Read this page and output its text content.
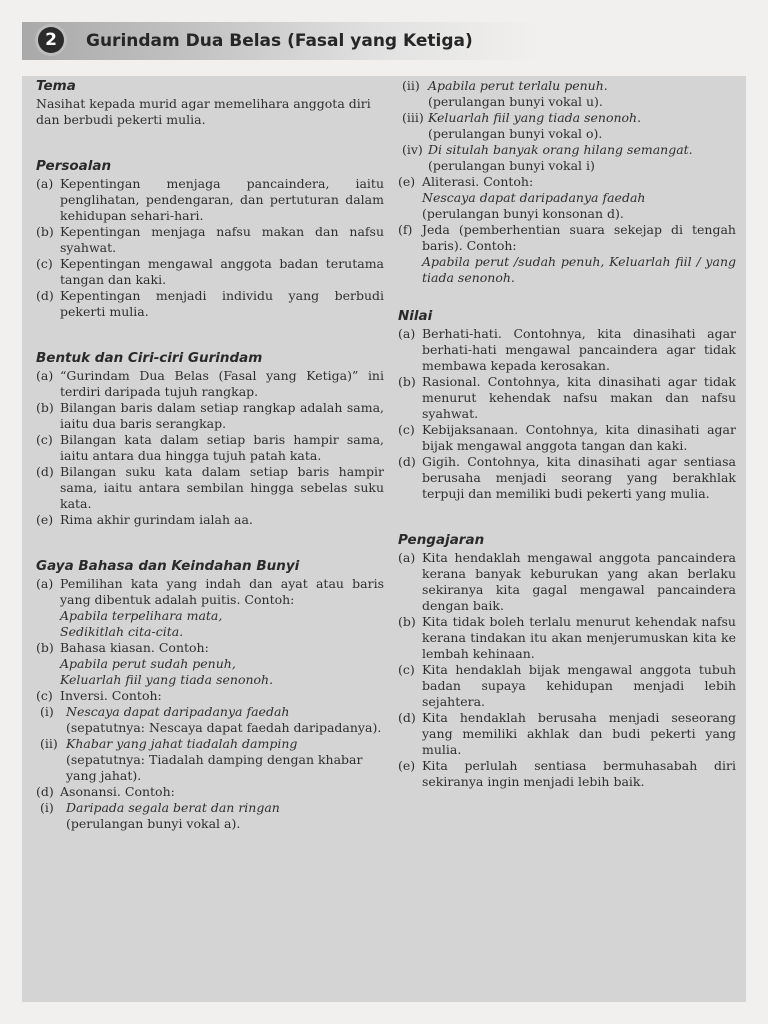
2	Gurindam Dua Belas (Fasal yang Ketiga)
Tema

Nasihat kepada murid agar memelihara anggota diri dan berbudi pekerti mulia.

Persoalan
(a) Kepentingan menjaga pancaindera, iaitu penglihatan, pendengaran, dan pertuturan dalam kehidupan sehari-hari.
(b) Kepentingan menjaga nafsu makan dan nafsu syahwat.
(c) Kepentingan mengawal anggota badan terutama tangan dan kaki.
(d) Kepentingan menjadi individu yang berbudi pekerti mulia.
Bentuk dan Ciri-ciri Gurindam
(a) “Gurindam Dua Belas (Fasal yang Ketiga)” ini terdiri daripada tujuh rangkap.
(b) Bilangan baris dalam setiap rangkap adalah sama, iaitu dua baris serangkap.
(c) Bilangan kata dalam setiap baris hampir sama, iaitu antara dua hingga tujuh patah kata.
(d) Bilangan suku kata dalam setiap baris hampir sama, iaitu antara sembilan hingga sebelas suku kata.
(e) Rima akhir gurindam ialah aa.
Gaya Bahasa dan Keindahan Bunyi
(a) Pemilihan kata yang indah dan ayat atau baris yang dibentuk adalah puitis. Contoh:
Apabila terpelihara mata,
Sedikitlah cita-cita.
(b) Bahasa kiasan. Contoh:
Apabila perut sudah penuh,
Keluarlah fiil yang tiada senonoh.
(c) Inversi. Contoh:
(i) Nescaya dapat daripadanya faedah
(sepatutnya: Nescaya dapat faedah daripadanya).
(ii) Khabar yang jahat tiadalah damping
(sepatutnya: Tiadalah damping dengan khabar yang jahat).
(d) Asonansi. Contoh:
(i) Daripada segala berat dan ringan
(perulangan bunyi vokal a).
(ii) Apabila perut terlalu penuh.
(perulangan bunyi vokal u).
(iii) Keluarlah fiil yang tiada senonoh.
(perulangan bunyi vokal o).
(iv) Di situlah banyak orang hilang semangat.
(perulangan bunyi vokal i)
(e) Aliterasi. Contoh:
Nescaya dapat daripadanya faedah
(perulangan bunyi konsonan d).
(f) Jeda (pemberhentian suara sekejap di tengah baris). Contoh:
Apabila perut /sudah penuh, Keluarlah fiil / yang tiada senonoh.
Nilai
(a) Berhati-hati. Contohnya, kita dinasihati agar berhati-hati mengawal pancaindera agar tidak membawa kepada kerosakan.
(b) Rasional. Contohnya, kita dinasihati agar tidak menurut kehendak nafsu makan dan nafsu syahwat.
(c) Kebijaksanaan. Contohnya, kita dinasihati agar bijak mengawal anggota tangan dan kaki.
(d) Gigih. Contohnya, kita dinasihati agar sentiasa berusaha menjadi seorang yang berakhlak terpuji dan memiliki budi pekerti yang mulia.
Pengajaran
(a) Kita hendaklah mengawal anggota pancaindera kerana banyak keburukan yang akan berlaku sekiranya kita gagal mengawal pancaindera dengan baik.
(b) Kita tidak boleh terlalu menurut kehendak nafsu kerana tindakan itu akan menjerumuskan kita ke lembah kehinaan.
(c) Kita hendaklah bijak mengawal anggota tubuh badan supaya kehidupan menjadi lebih sejahtera.
(d) Kita hendaklah berusaha menjadi seseorang yang memiliki akhlak dan budi pekerti yang mulia.
(e) Kita perlulah sentiasa bermuhasabah diri sekiranya ingin menjadi lebih baik.
